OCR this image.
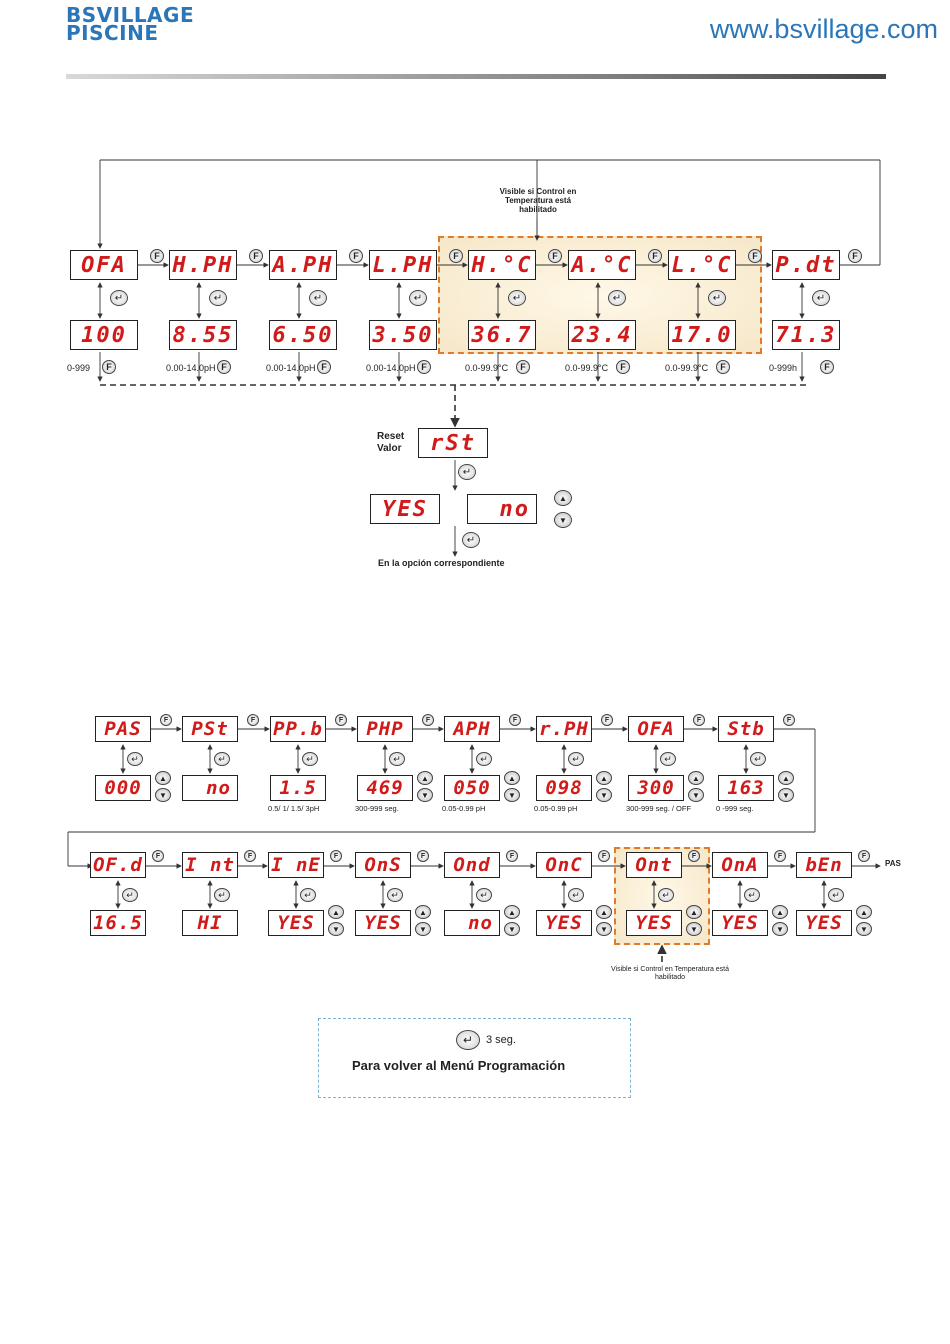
BSVILLAGE
PISCINE	www.bsvillage.com
Visible si Control en Temperatura está habilitado
Reset Valor	rSt
↵
YES	no	▲
▼
↵
En la opción correspondiente
Visible si Control en Temperatura está habilitado
PAS
↵	3 seg.
Para volver al Menú Programación
OFA
100
↵
F
0-999	F
H.PH
8.55
↵
F
0.00-14.0pH F
A.PH
6.50
↵
F
0.00-14.0pH F
L.PH
3.50
↵
F
0.00-14.0pH F
H.°C
36.7
↵
F
0.0-99.9°C	F
A.°C
23.4
↵
F
0.0-99.9°C	F
L.°C
17.0
↵
F
0.0-99.9°C	F
P.dt
71.3
↵
0-999h	F
F
PAS
000	▲
▼
↵
F	PSt
no
↵
F PP.b
1.5
↵
F
0.5/ 1/ 1.5/ 3pH
PHP
469	▲
▼
↵
F
300-999 seg.
APH
050	▲
▼
↵
F
0.05-0.99 pH
r.PH
098	▲
▼
↵
F
0.05-0.99 pH
OFA
300	▲
▼
↵
F
300-999 seg. / OFF
Stb
163	▲
▼
↵
F
0 -999 seg.
OF.d
16.5
↵
F I nt
HI
↵
F I nE
YES	▲
▼
↵
F	OnS
YES	▲
▼
↵
F	Ond
no	▲
▼
↵
F	OnC
YES	▲
▼
↵
F	Ont
YES	▲
▼
↵
F	OnA
YES	▲
▼
↵
F	bEn
YES	▲
▼
↵
F
